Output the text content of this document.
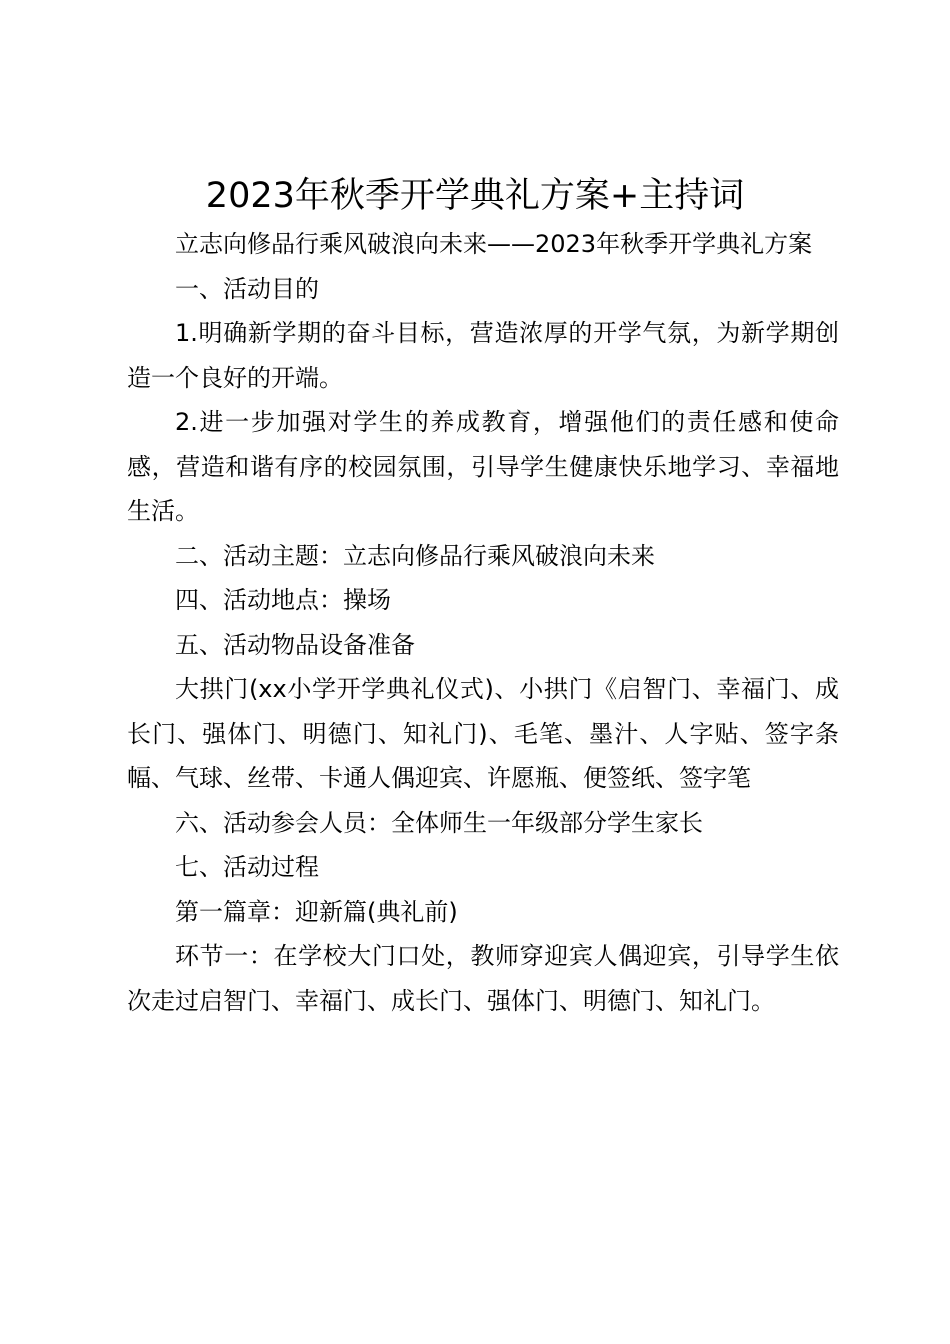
2023年秋季开学典礼方案+主持词

立志向修品行乘风破浪向未来——2023年秋季开学典礼方案

一、活动目的

1.明确新学期的奋斗目标，营造浓厚的开学气氛，为新学期创造一个良好的开端。

2.进一步加强对学生的养成教育，增强他们的责任感和使命感，营造和谐有序的校园氛围，引导学生健康快乐地学习、幸福地生活。

二、活动主题：立志向修品行乘风破浪向未来

四、活动地点：操场

五、活动物品设备准备

大拱门(xx小学开学典礼仪式)、小拱门《启智门、幸福门、成长门、强体门、明德门、知礼门)、毛笔、墨汁、人字贴、签字条幅、气球、丝带、卡通人偶迎宾、许愿瓶、便签纸、签字笔

六、活动参会人员：全体师生一年级部分学生家长

七、活动过程

第一篇章：迎新篇(典礼前)

环节一：在学校大门口处，教师穿迎宾人偶迎宾，引导学生依次走过启智门、幸福门、成长门、强体门、明德门、知礼门。
